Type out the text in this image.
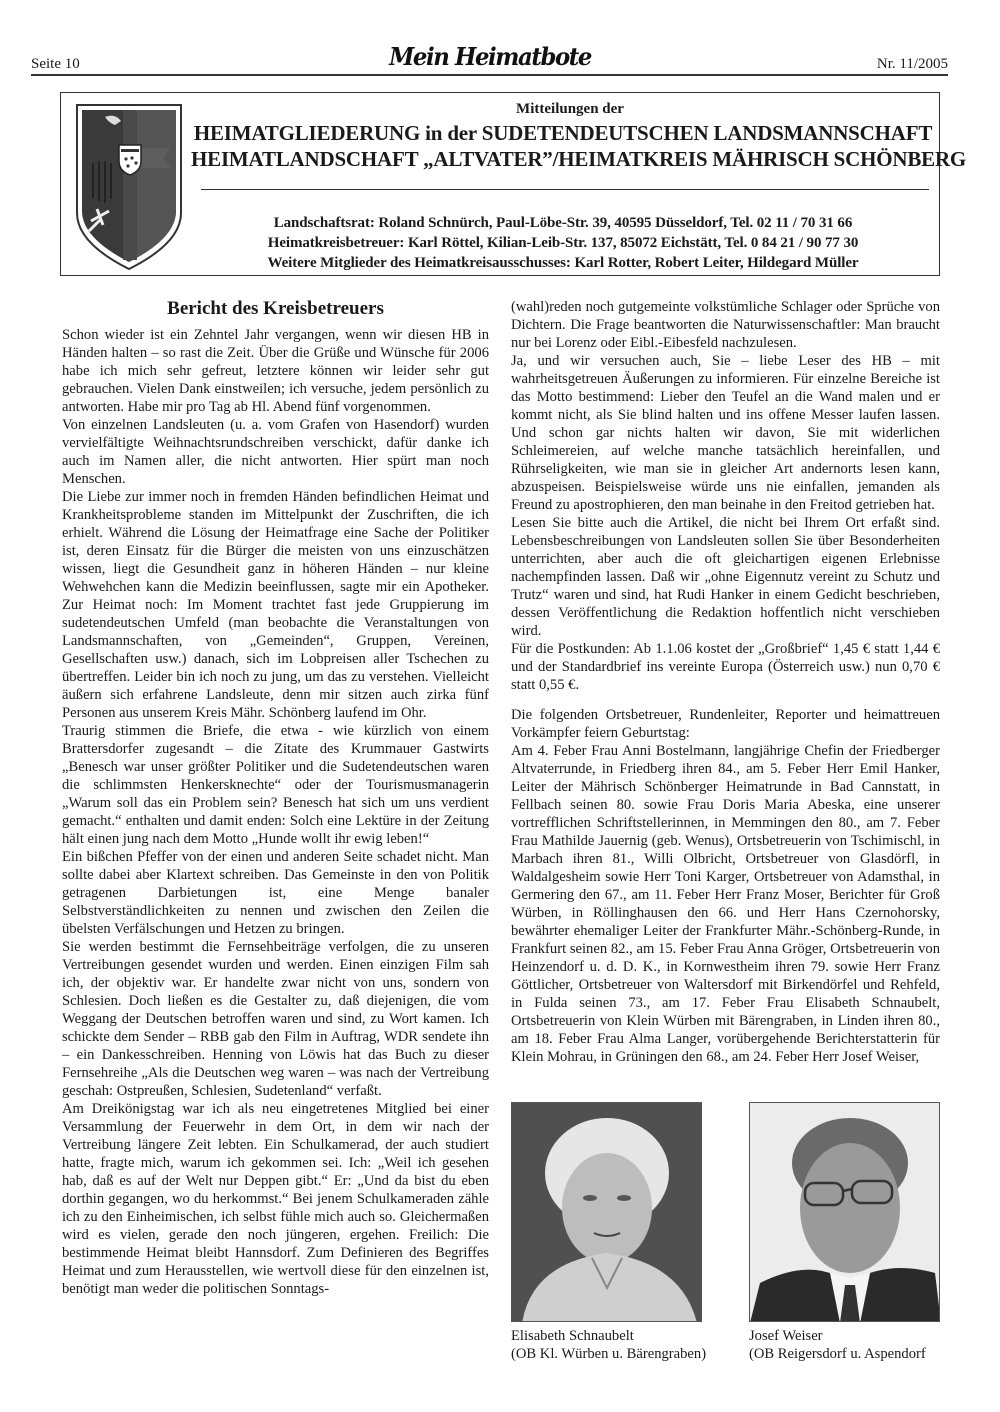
Seite 10	Mein Heimatbote	Nr. 11/2005
Mitteilungen der
HEIMATGLIEDERUNG in der SUDETENDEUTSCHEN LANDSMANNSCHAFT
HEIMATLANDSCHAFT „ALTVATER”/HEIMATKREIS MÄHRISCH SCHÖNBERG
Landschaftsrat: Roland Schnürch, Paul-Löbe-Str. 39, 40595 Düsseldorf, Tel. 02 11 / 70 31 66
Heimatkreisbetreuer: Karl Röttel, Kilian-Leib-Str. 137, 85072 Eichstätt, Tel. 0 84 21 / 90 77 30
Weitere Mitglieder des Heimatkreisausschusses: Karl Rotter, Robert Leiter, Hildegard Müller
Bericht des Kreisbetreuers

Schon wieder ist ein Zehntel Jahr vergangen, wenn wir diesen HB in Händen halten – so rast die Zeit. Über die Grüße und Wünsche für 2006 habe ich mich sehr gefreut, letztere können wir leider sehr gut gebrauchen. Vielen Dank einstweilen; ich versuche, jedem persönlich zu antworten. Habe mir pro Tag ab Hl. Abend fünf vorgenommen.

Von einzelnen Landsleuten (u. a. vom Grafen von Hasendorf) wurden vervielfältigte Weihnachtsrundschreiben verschickt, dafür danke ich auch im Namen aller, die nicht antworten. Hier spürt man noch Menschen.

Die Liebe zur immer noch in fremden Händen befindlichen Heimat und Krankheitsprobleme standen im Mittelpunkt der Zuschriften, die ich erhielt. Während die Lösung der Heimatfrage eine Sache der Politiker ist, deren Einsatz für die Bürger die meisten von uns einzuschätzen wissen, liegt die Gesundheit ganz in höheren Händen – nur kleine Wehwehchen kann die Medizin beeinflussen, sagte mir ein Apotheker. Zur Heimat noch: Im Moment trachtet fast jede Gruppierung im sudetendeutschen Umfeld (man beobachte die Veranstaltungen von Landsmannschaften, von „Gemeinden“, Gruppen, Vereinen, Gesellschaften usw.) danach, sich im Lobpreisen aller Tschechen zu übertreffen. Leider bin ich noch zu jung, um das zu verstehen. Vielleicht äußern sich erfahrene Landsleute, denn mir sitzen auch zirka fünf Personen aus unserem Kreis Mähr. Schönberg laufend im Ohr.

Traurig stimmen die Briefe, die etwa - wie kürzlich von einem Brattersdorfer zugesandt – die Zitate des Krummauer Gastwirts „Benesch war unser größter Politiker und die Sudetendeutschen waren die schlimmsten Henkersknechte“ oder der Tourismusmanagerin „Warum soll das ein Problem sein? Benesch hat sich um uns verdient gemacht.“ enthalten und damit enden: Solch eine Lektüre in der Zeitung hält einen jung nach dem Motto „Hunde wollt ihr ewig leben!“

Ein bißchen Pfeffer von der einen und anderen Seite schadet nicht. Man sollte dabei aber Klartext schreiben. Das Gemeinste in den von Politik getragenen Darbietungen ist, eine Menge banaler Selbstverständlichkeiten zu nennen und zwischen den Zeilen die übelsten Verfälschungen und Hetzen zu bringen.

Sie werden bestimmt die Fernsehbeiträge verfolgen, die zu unseren Vertreibungen gesendet wurden und werden. Einen einzigen Film sah ich, der objektiv war. Er handelte zwar nicht von uns, sondern von Schlesien. Doch ließen es die Gestalter zu, daß diejenigen, die vom Weggang der Deutschen betroffen waren und sind, zu Wort kamen. Ich schickte dem Sender – RBB gab den Film in Auftrag, WDR sendete ihn – ein Dankesschreiben. Henning von Löwis hat das Buch zu dieser Fernsehreihe „Als die Deutschen weg waren – was nach der Vertreibung geschah: Ostpreußen, Schlesien, Sudetenland“ verfaßt.

Am Dreikönigstag war ich als neu eingetretenes Mitglied bei einer Versammlung der Feuerwehr in dem Ort, in dem wir nach der Vertreibung längere Zeit lebten. Ein Schulkamerad, der auch studiert hatte, fragte mich, warum ich gekommen sei. Ich: „Weil ich gesehen hab, daß es auf der Welt nur Deppen gibt.“ Er: „Und da bist du eben dorthin gegangen, wo du herkommst.“ Bei jenem Schulkameraden zähle ich zu den Einheimischen, ich selbst fühle mich auch so. Gleichermaßen wird es vielen, gerade den noch jüngeren, ergehen. Freilich: Die bestimmende Heimat bleibt Hannsdorf. Zum Definieren des Begriffes Heimat und zum Herausstellen, wie wertvoll diese für den einzelnen ist, benötigt man weder die politischen Sonntags-

(wahl)reden noch gutgemeinte volkstümliche Schlager oder Sprüche von Dichtern. Die Frage beantworten die Naturwissenschaftler: Man braucht nur bei Lorenz oder Eibl.-Eibesfeld nachzulesen.

Ja, und wir versuchen auch, Sie – liebe Leser des HB – mit wahrheitsgetreuen Äußerungen zu informieren. Für einzelne Bereiche ist das Motto bestimmend: Lieber den Teufel an die Wand malen und er kommt nicht, als Sie blind halten und ins offene Messer laufen lassen. Und schon gar nichts halten wir davon, Sie mit widerlichen Schleimereien, auf welche manche tatsächlich hereinfallen, und Rührseligkeiten, wie man sie in gleicher Art andernorts lesen kann, abzuspeisen. Beispielsweise würde uns nie einfallen, jemanden als Freund zu apostrophieren, den man beinahe in den Freitod getrieben hat.

Lesen Sie bitte auch die Artikel, die nicht bei Ihrem Ort erfaßt sind. Lebensbeschreibungen von Landsleuten sollen Sie über Besonderheiten unterrichten, aber auch die oft gleichartigen eigenen Erlebnisse nachempfinden lassen. Daß wir „ohne Eigennutz vereint zu Schutz und Trutz“ waren und sind, hat Rudi Hanker in einem Gedicht beschrieben, dessen Veröffentlichung die Redaktion hoffentlich nicht verschieben wird.

Für die Postkunden: Ab 1.1.06 kostet der „Großbrief“ 1,45 € statt 1,44 € und der Standardbrief ins vereinte Europa (Österreich usw.) nun 0,70 € statt 0,55 €.

Die folgenden Ortsbetreuer, Rundenleiter, Reporter und heimattreuen Vorkämpfer feiern Geburtstag:

Am 4. Feber Frau Anni Bostelmann, langjährige Chefin der Friedberger Altvaterrunde, in Friedberg ihren 84., am 5. Feber Herr Emil Hanker, Leiter der Mährisch Schönberger Heimatrunde in Bad Cannstatt, in Fellbach seinen 80. sowie Frau Doris Maria Abeska, eine unserer vortrefflichen Schriftstellerinnen, in Memmingen den 80., am 7. Feber Frau Mathilde Jauernig (geb. Wenus), Ortsbetreuerin von Tschimischl, in Marbach ihren 81., Willi Olbricht, Ortsbetreuer von Glasdörfl, in Waldalgesheim sowie Herr Toni Karger, Ortsbetreuer von Adamsthal, in Germering den 67., am 11. Feber Herr Franz Moser, Berichter für Groß Würben, in Röllinghausen den 66. und Herr Hans Czernohorsky, bewährter ehemaliger Leiter der Frankfurter Mähr.-Schönberg-Runde, in Frankfurt seinen 82., am 15. Feber Frau Anna Gröger, Ortsbetreuerin von Heinzendorf u. d. D. K., in Kornwestheim ihren 79. sowie Herr Franz Göttlicher, Ortsbetreuer von Waltersdorf mit Birkendörfel und Rehfeld, in Fulda seinen 73., am 17. Feber Frau Elisabeth Schnaubelt, Ortsbetreuerin von Klein Würben mit Bärengraben, in Linden ihren 80., am 18. Feber Frau Alma Langer, vorübergehende Berichterstatterin für Klein Mohrau, in Grüningen den 68., am 24. Feber Herr Josef Weiser,

Elisabeth Schnaubelt
(OB Kl. Würben u. Bärengraben)
Josef Weiser
(OB Reigersdorf u. Aspendorf
